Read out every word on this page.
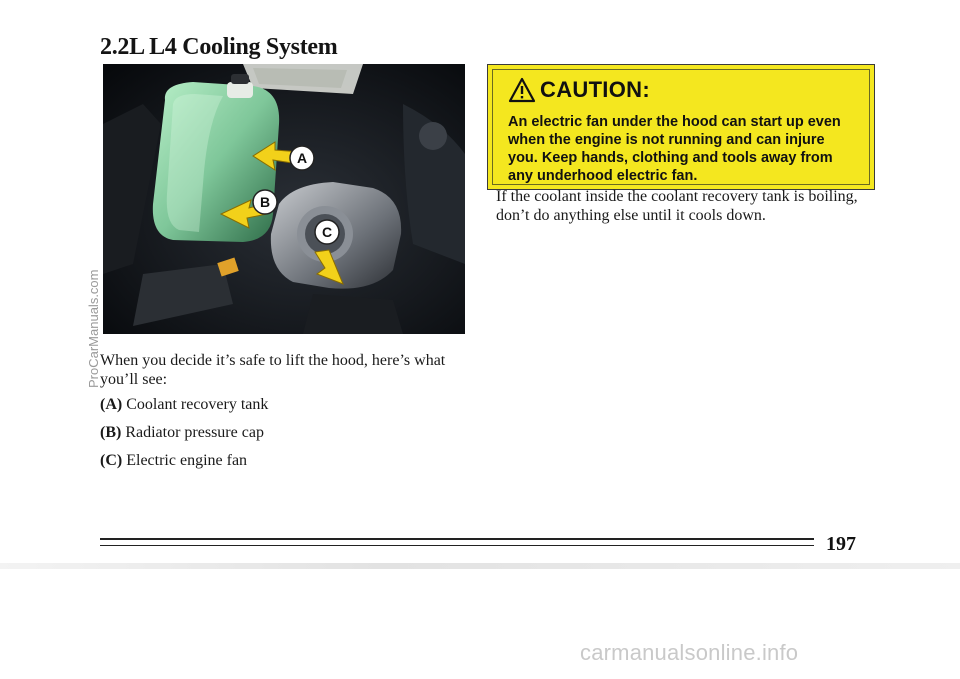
2.2L L4 Cooling System
A
B
C
When you decide it’s safe to lift the hood, here’s what you’ll see:
(A) Coolant recovery tank
(B) Radiator pressure cap
(C) Electric engine fan
CAUTION:
An electric fan under the hood can start up even when the engine is not running and can injure you. Keep hands, clothing and tools away from any underhood electric fan.
If the coolant inside the coolant recovery tank is boiling, don’t do anything else until it cools down.
197
ProCarManuals.com
carmanualsonline.info
